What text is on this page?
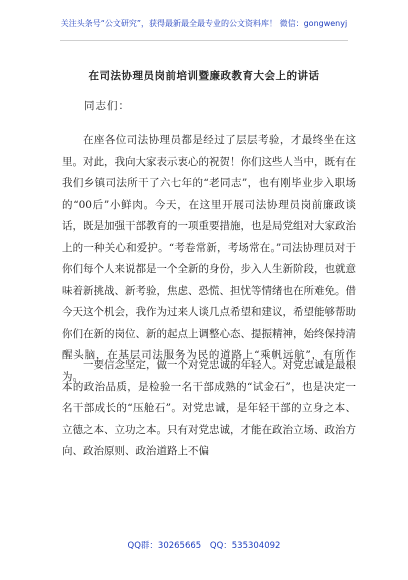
关注头条号“公文研究”，获得最新最全最专业的公文资料库！ 微信：gongwenyj
在司法协理员岗前培训暨廉政教育大会上的讲话
同志们：

在座各位司法协理员都是经过了层层考验，才最终坐在这里。对此，我向大家表示衷心的祝贺！你们这些人当中，既有在我们乡镇司法所干了六七年的“老同志”，也有刚毕业步入职场的“00后”小鲜肉。今天，在这里开展司法协理员岗前廉政谈话，既是加强干部教育的一项重要措施，也是局党组对大家政治上的一种关心和爱护。“考卷常新，考场常在。”司法协理员对于你们每个人来说都是一个全新的身份，步入人生新阶段，也就意味着新挑战、新考验，焦虑、恐慌、担忧等情绪也在所难免。借今天这个机会，我作为过来人谈几点希望和建议，希望能够帮助你们在新的岗位、新的起点上调整心态、提振精神，始终保持清醒头脑，在基层司法服务为民的道路上“乘帆远航”，有所作为。

一要信念坚定，做一个对党忠诚的年轻人。对党忠诚是最根本的政治品质，是检验一名干部成熟的“试金石”，也是决定一名干部成长的“压舱石”。对党忠诚，是年轻干部的立身之本、立德之本、立功之本。只有对党忠诚，才能在政治立场、政治方向、政治原则、政治道路上不偏

QQ群：30265665 QQ：535304092
